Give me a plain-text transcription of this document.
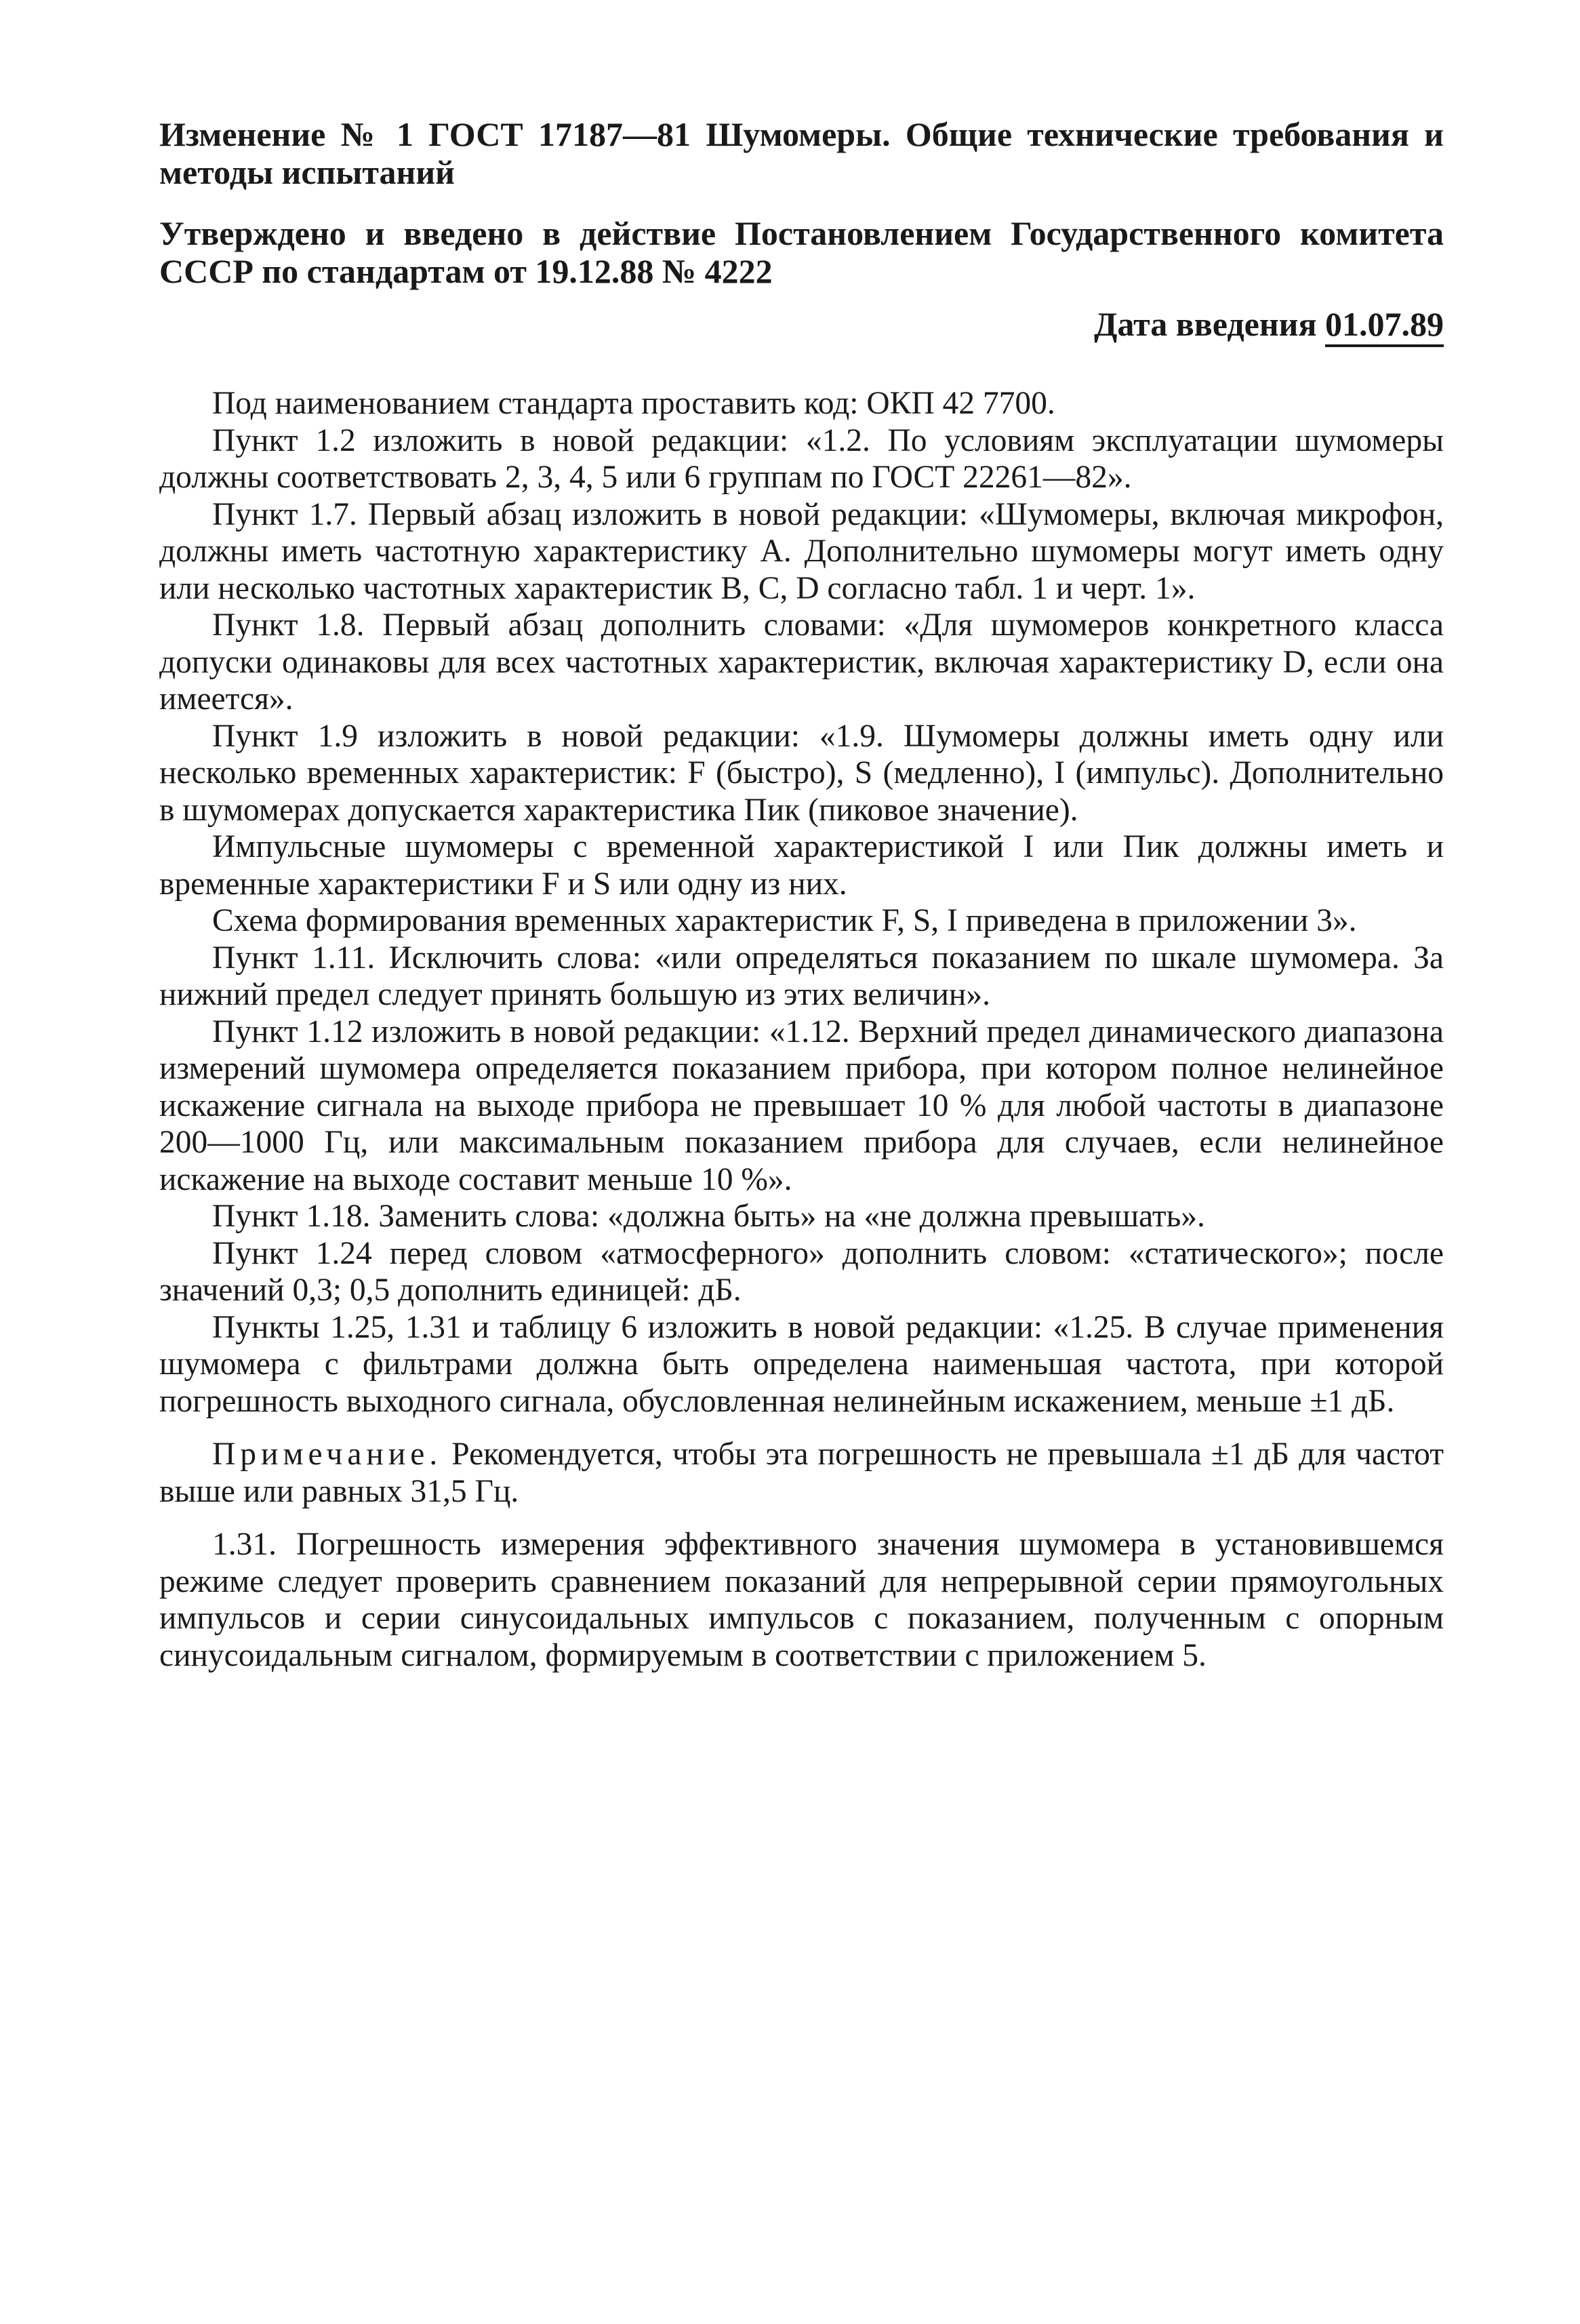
Изменение № 1 ГОСТ 17187—81 Шумомеры. Общие технические требования и методы испытаний

Утверждено и введено в действие Постановлением Государственного комитета СССР по стандартам от 19.12.88 № 4222

Дата введения 01.07.89

Под наименованием стандарта проставить код: ОКП 42 7700.

Пункт 1.2 изложить в новой редакции: «1.2. По условиям эксплуатации шумомеры должны соответствовать 2, 3, 4, 5 или 6 группам по ГОСТ 22261—82».

Пункт 1.7. Первый абзац изложить в новой редакции: «Шумомеры, включая микрофон, должны иметь частотную характеристику А. Дополнительно шумомеры могут иметь одну или несколько частотных характеристик В, С, D согласно табл. 1 и черт. 1».

Пункт 1.8. Первый абзац дополнить словами: «Для шумомеров конкретного класса допуски одинаковы для всех частотных характеристик, включая характеристику D, если она имеется».

Пункт 1.9 изложить в новой редакции: «1.9. Шумомеры должны иметь одну или несколько временных характеристик: F (быстро), S (медленно), I (импульс). Дополнительно в шумомерах допускается характеристика Пик (пиковое значение).

Импульсные шумомеры с временной характеристикой I или Пик должны иметь и временные характеристики F и S или одну из них.

Схема формирования временных характеристик F, S, I приведена в приложении 3».

Пункт 1.11. Исключить слова: «или определяться показанием по шкале шумомера. За нижний предел следует принять большую из этих величин».

Пункт 1.12 изложить в новой редакции: «1.12. Верхний предел динамического диапазона измерений шумомера определяется показанием прибора, при котором полное нелинейное искажение сигнала на выходе прибора не превышает 10 % для любой частоты в диапазоне 200—1000 Гц, или максимальным показанием прибора для случаев, если нелинейное искажение на выходе составит меньше 10 %».

Пункт 1.18. Заменить слова: «должна быть» на «не должна превышать».

Пункт 1.24 перед словом «атмосферного» дополнить словом: «статического»; после значений 0,3; 0,5 дополнить единицей: дБ.

Пункты 1.25, 1.31 и таблицу 6 изложить в новой редакции: «1.25. В случае применения шумомера с фильтрами должна быть определена наименьшая частота, при которой погрешность выходного сигнала, обусловленная нелинейным искажением, меньше ±1 дБ.

Примечание. Рекомендуется, чтобы эта погрешность не превышала ±1 дБ для частот выше или равных 31,5 Гц.

1.31. Погрешность измерения эффективного значения шумомера в установившемся режиме следует проверить сравнением показаний для непрерывной серии прямоугольных импульсов и серии синусоидальных импульсов с показанием, полученным с опорным синусоидальным сигналом, формируемым в соответствии с приложением 5.
